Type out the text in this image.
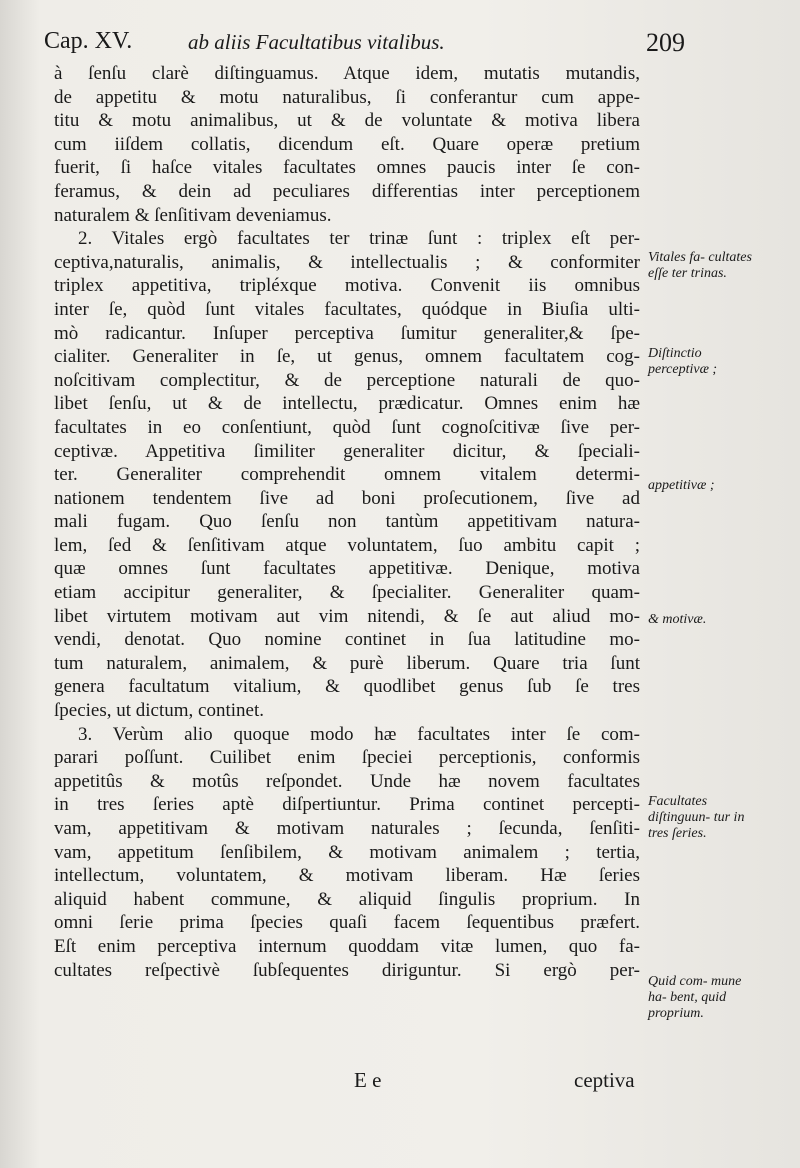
Cap. XV.	ab aliis Facultatibus vitalibus.	209
à ſenſu clarè diſtinguamus. Atque idem, mutatis mutandis,
de appetitu & motu naturalibus, ſi conferantur cum appe-
titu & motu animalibus, ut & de voluntate & motiva libera
cum iiſdem collatis, dicendum eſt. Quare operæ pretium
fuerit, ſi haſce vitales facultates omnes paucis inter ſe con-
feramus, & dein ad peculiares differentias inter perceptionem
naturalem & ſenſitivam deveniamus.
2. Vitales ergò facultates ter trinæ ſunt : triplex eſt per-
ceptiva,naturalis, animalis, & intellectualis ; & conformiter
triplex appetitiva, tripléxque motiva. Convenit iis omnibus
inter ſe, quòd ſunt vitales facultates, quódque in Biuſia ulti-
mò radicantur. Inſuper perceptiva ſumitur generaliter,& ſpe-
cialiter. Generaliter in ſe, ut genus, omnem facultatem cog-
noſcitivam complectitur, & de perceptione naturali de quo-
libet ſenſu, ut & de intellectu, prædicatur. Omnes enim hæ
facultates in eo conſentiunt, quòd ſunt cognoſcitivæ ſive per-
ceptivæ. Appetitiva ſimiliter generaliter dicitur, & ſpeciali-
ter. Generaliter comprehendit omnem vitalem determi-
nationem tendentem ſive ad boni proſecutionem, ſive ad
mali fugam. Quo ſenſu non tantùm appetitivam natura-
lem, ſed & ſenſitivam atque voluntatem, ſuo ambitu capit ;
quæ omnes ſunt facultates appetitivæ. Denique, motiva
etiam accipitur generaliter, & ſpecialiter. Generaliter quam-
libet virtutem motivam aut vim nitendi, & ſe aut aliud mo-
vendi, denotat. Quo nomine continet in ſua latitudine mo-
tum naturalem, animalem, & purè liberum. Quare tria ſunt
genera facultatum vitalium, & quodlibet genus ſub ſe tres
ſpecies, ut dictum, continet.
3. Verùm alio quoque modo hæ facultates inter ſe com-
parari poſſunt. Cuilibet enim ſpeciei perceptionis, conformis
appetitûs & motûs reſpondet. Unde hæ novem facultates
in tres ſeries aptè diſpertiuntur. Prima continet percepti-
vam, appetitivam & motivam naturales ; ſecunda, ſenſiti-
vam, appetitum ſenſibilem, & motivam animalem ; tertia,
intellectum, voluntatem, & motivam liberam. Hæ ſeries
aliquid habent commune, & aliquid ſingulis proprium. In
omni ſerie prima ſpecies quaſi facem ſequentibus præfert.
Eſt enim perceptiva internum quoddam vitæ lumen, quo fa-
cultates reſpectivè ſubſequentes diriguntur. Si ergò per-
Vitales fa- cultates eſſe ter trinas.
Diſtinctio perceptivæ ;
appetitivæ ;
& motivæ.
Facultates diſtinguun- tur in tres ſeries.
Quid com- mune ha- bent, quid proprium.
E e	ceptiva
